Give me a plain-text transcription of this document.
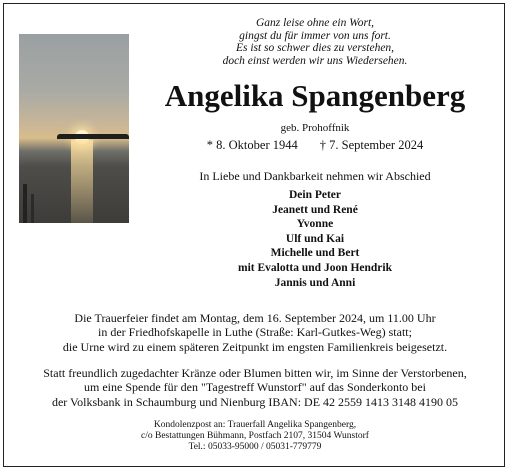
Ganz leise ohne ein Wort,
gingst du für immer von uns fort.
Es ist so schwer dies zu verstehen,
doch einst werden wir uns Wiedersehen.
Angelika Spangenberg
geb. Prohoffnik
* 8. Oktober 1944 † 7. September 2024
In Liebe und Dankbarkeit nehmen wir Abschied
Dein Peter
Jeanett und René
Yvonne
Ulf und Kai
Michelle und Bert
mit Evalotta und Joon Hendrik
Jannis und Anni
Die Trauerfeier findet am Montag, dem 16. September 2024, um 11.00 Uhr
in der Friedhofskapelle in Luthe (Straße: Karl-Gutkes-Weg) statt;
die Urne wird zu einem späteren Zeitpunkt im engsten Familienkreis beigesetzt.
Statt freundlich zugedachter Kränze oder Blumen bitten wir, im Sinne der Verstorbenen,
um eine Spende für den "Tagestreff Wunstorf" auf das Sonderkonto bei
der Volksbank in Schaumburg und Nienburg IBAN: DE 42 2559 1413 3148 4190 05
Kondolenzpost an: Trauerfall Angelika Spangenberg,
c/o Bestattungen Bühmann, Postfach 2107, 31504 Wunstorf
Tel.: 05033-95000 / 05031-779779
